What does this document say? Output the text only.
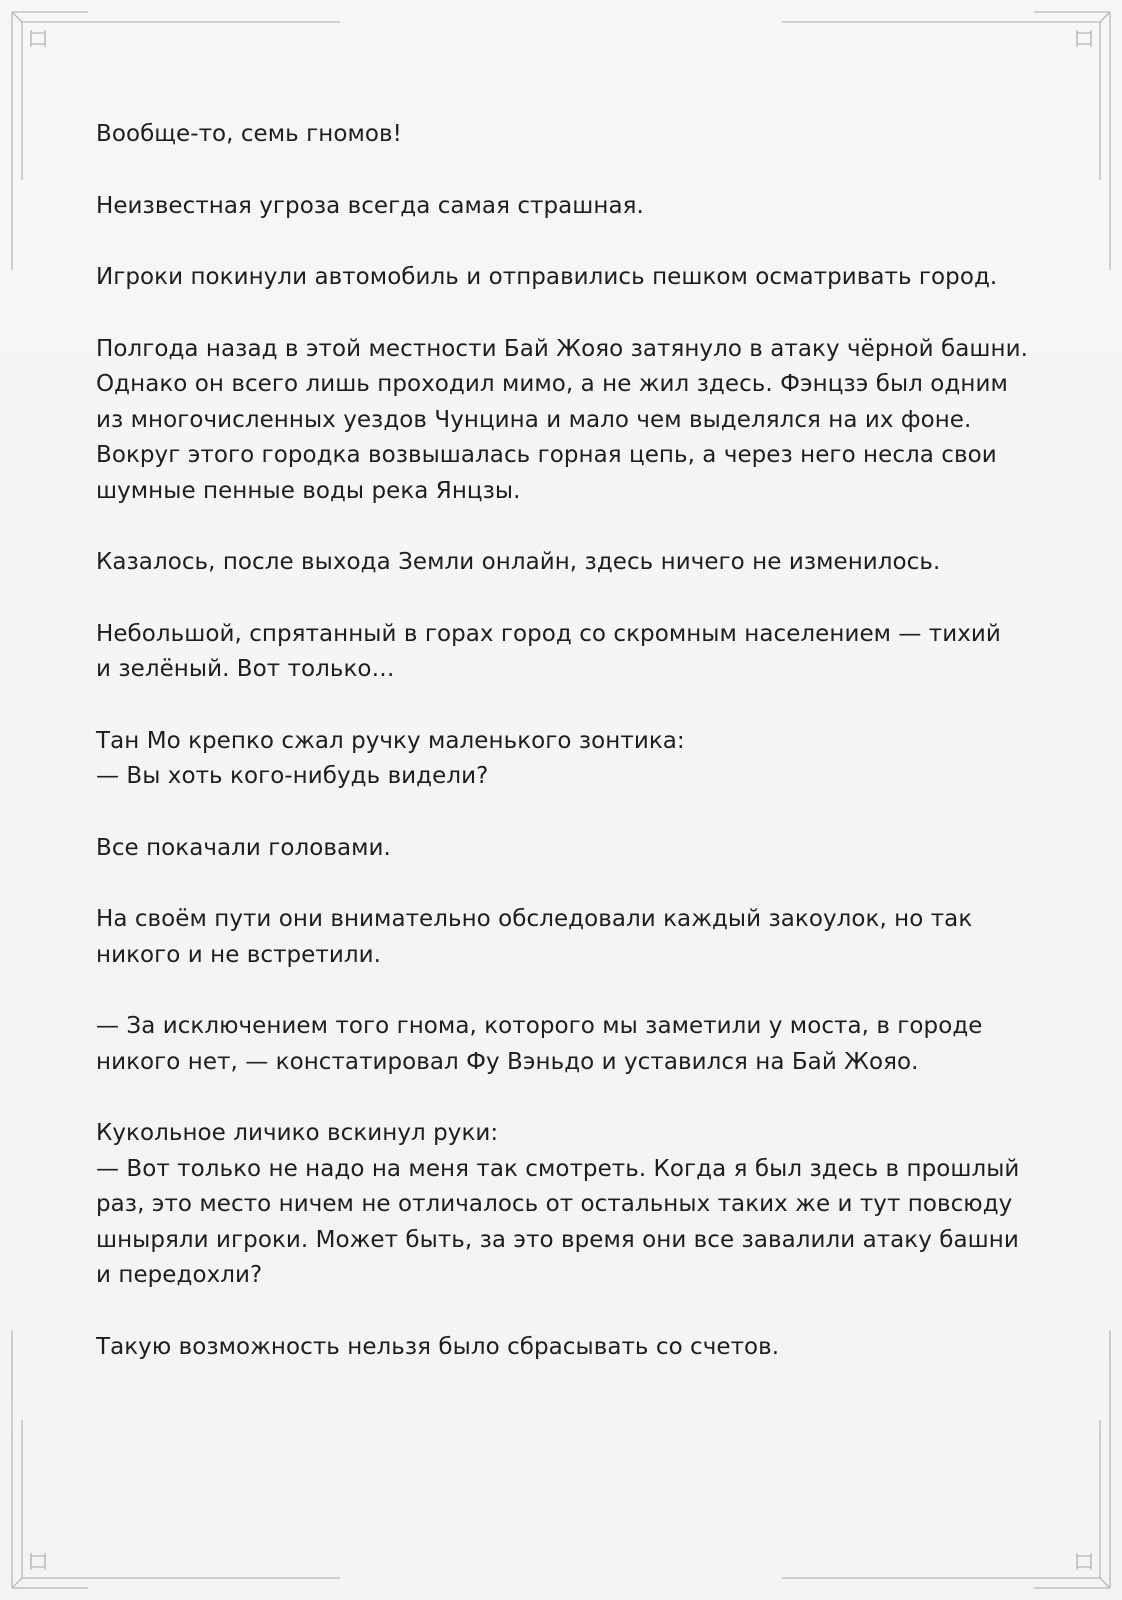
Вообще-то, семь гномов!

Неизвестная угроза всегда самая страшная.

Игроки покинули автомобиль и отправились пешком осматривать город.

Полгода назад в этой местности Бай Жояо затянуло в атаку чёрной башни.
Однако он всего лишь проходил мимо, а не жил здесь. Фэнцзэ был одним
из многочисленных уездов Чунцина и мало чем выделялся на их фоне.
Вокруг этого городка возвышалась горная цепь, а через него несла свои
шумные пенные воды река Янцзы.

Казалось, после выхода Земли онлайн, здесь ничего не изменилось.

Небольшой, спрятанный в горах город со скромным населением — тихий
и зелёный. Вот только…

Тан Мо крепко сжал ручку маленького зонтика:
— Вы хоть кого-нибудь видели?

Все покачали головами.

На своём пути они внимательно обследовали каждый закоулок, но так
никого и не встретили.

— За исключением того гнома, которого мы заметили у моста, в городе
никого нет, — констатировал Фу Вэньдо и уставился на Бай Жояо.

Кукольное личико вскинул руки:
— Вот только не надо на меня так смотреть. Когда я был здесь в прошлый
раз, это место ничем не отличалось от остальных таких же и тут повсюду
шныряли игроки. Может быть, за это время они все завалили атаку башни
и передохли?

Такую возможность нельзя было сбрасывать со счетов.
